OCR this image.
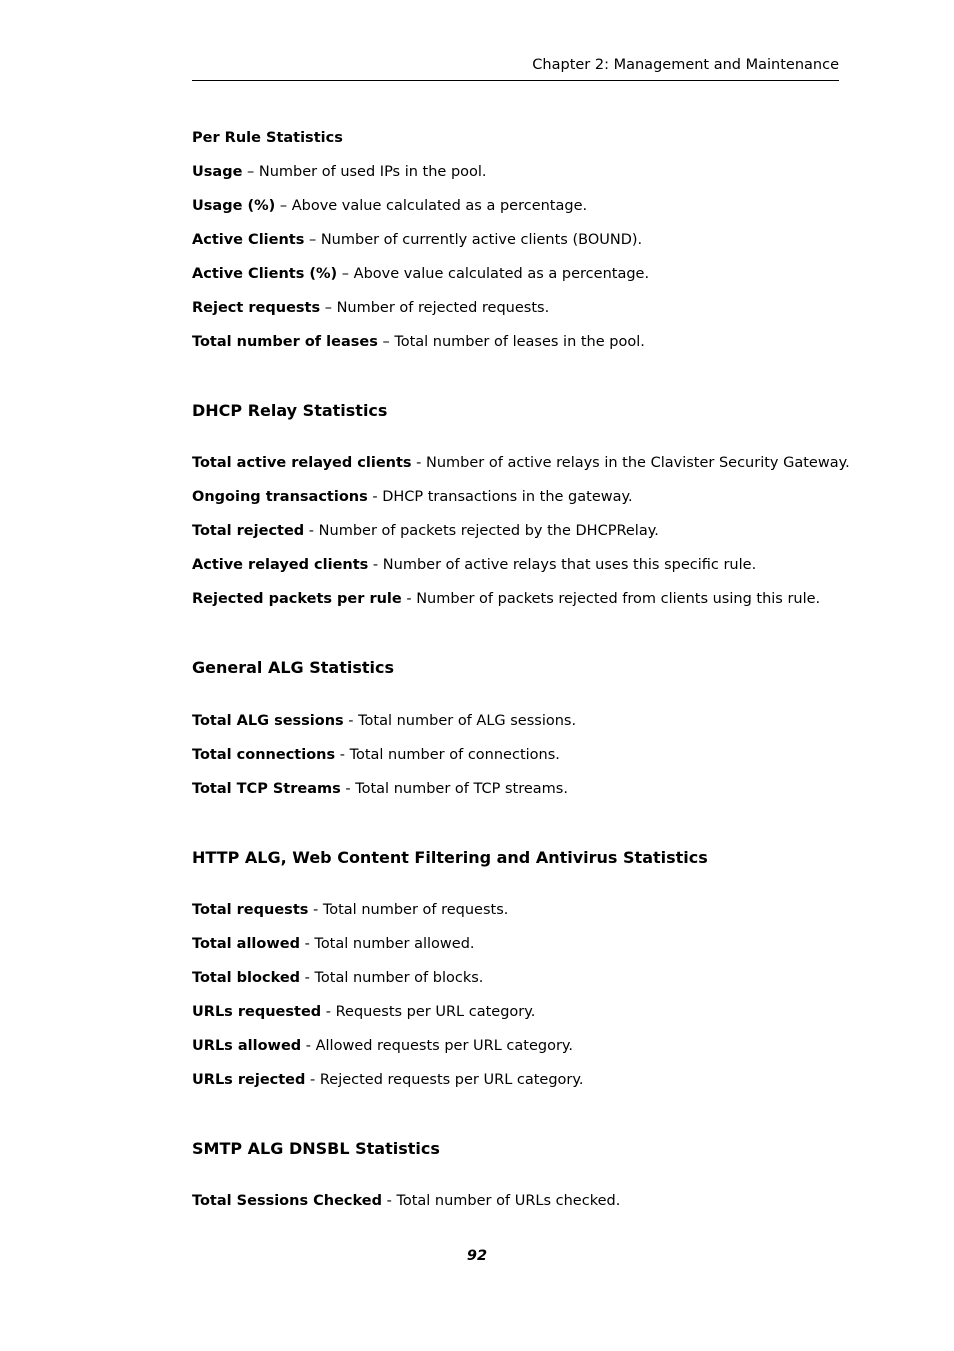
Chapter 2: Management and Maintenance
Per Rule Statistics
Usage – Number of used IPs in the pool.
Usage (%) – Above value calculated as a percentage.
Active Clients – Number of currently active clients (BOUND).
Active Clients (%) – Above value calculated as a percentage.
Reject requests – Number of rejected requests.
Total number of leases – Total number of leases in the pool.
DHCP Relay Statistics
Total active relayed clients - Number of active relays in the Clavister Security Gateway.
Ongoing transactions - DHCP transactions in the gateway.
Total rejected - Number of packets rejected by the DHCPRelay.
Active relayed clients - Number of active relays that uses this specific rule.
Rejected packets per rule - Number of packets rejected from clients using this rule.
General ALG Statistics
Total ALG sessions - Total number of ALG sessions.
Total connections - Total number of connections.
Total TCP Streams - Total number of TCP streams.
HTTP ALG, Web Content Filtering and Antivirus Statistics
Total requests - Total number of requests.
Total allowed - Total number allowed.
Total blocked - Total number of blocks.
URLs requested - Requests per URL category.
URLs allowed - Allowed requests per URL category.
URLs rejected - Rejected requests per URL category.
SMTP ALG DNSBL Statistics
Total Sessions Checked - Total number of URLs checked.
92
